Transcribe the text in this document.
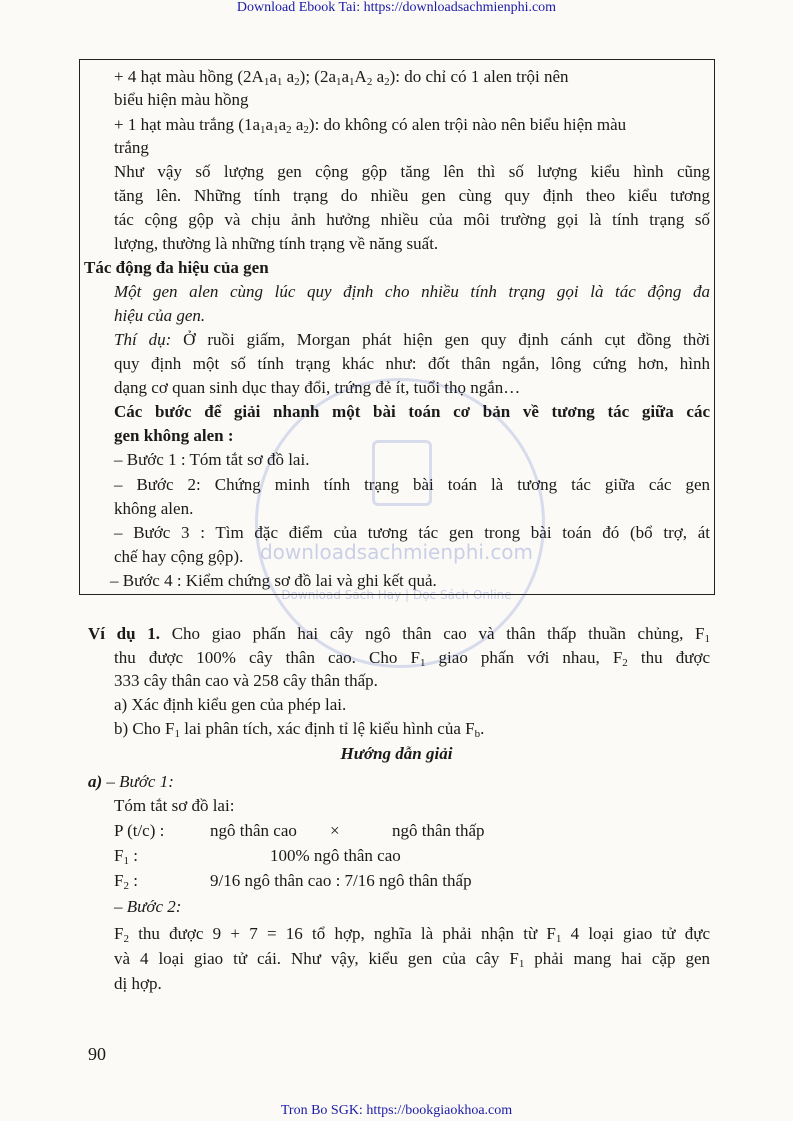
Download Ebook Tai: https://downloadsachmienphi.com
downloadsachmienphi.com
Download Sách Hay | Đọc Sách Online
+ 4 hạt màu hồng ($2A_1a_1$ $a_2$); ($2a_1a_1A_2$ $a_2$): do chỉ có 1 alen trội nên
biểu hiện màu hồng
+ 1 hạt màu trắng ($1a_1a_1a_2$ $a_2$): do không có alen trội nào nên biểu hiện màu
trắng
Như vậy số lượng gen cộng gộp tăng lên thì số lượng kiểu hình cũng
tăng lên. Những tính trạng do nhiều gen cùng quy định theo kiểu tương
tác cộng gộp và chịu ảnh hưởng nhiều của môi trường gọi là tính trạng số
lượng, thường là những tính trạng về năng suất.
Tác động đa hiệu của gen
Một gen alen cùng lúc quy định cho nhiều tính trạng gọi là tác động đa
hiệu của gen.
Thí dụ: Ở ruồi giấm, Morgan phát hiện gen quy định cánh cụt đồng thời
quy định một số tính trạng khác như: đốt thân ngắn, lông cứng hơn, hình
dạng cơ quan sinh dục thay đổi, trứng đẻ ít, tuổi thọ ngắn…
Các bước để giải nhanh một bài toán cơ bản về tương tác giữa các
gen không alen :
– Bước 1 : Tóm tắt sơ đồ lai.
– Bước 2: Chứng minh tính trạng bài toán là tương tác giữa các gen
không alen.
– Bước 3 : Tìm đặc điểm của tương tác gen trong bài toán đó (bổ trợ, át
chế hay cộng gộp).
– Bước 4 : Kiểm chứng sơ đồ lai và ghi kết quả.
Ví dụ 1. Cho giao phấn hai cây ngô thân cao và thân thấp thuần chủng, $F_1$
thu được 100% cây thân cao. Cho $F_1$ giao phấn với nhau, $F_2$ thu được
333 cây thân cao và 258 cây thân thấp.
a) Xác định kiểu gen của phép lai.
b) Cho $F_1$ lai phân tích, xác định tỉ lệ kiểu hình của $F_b$.
Hướng dẫn giải
a) – Bước 1:
Tóm tắt sơ đồ lai:
P (t/c) :	ngô thân cao ×	ngô thân thấp
$F_1$ :	100% ngô thân cao
$F_2$ :	9/16 ngô thân cao : 7/16 ngô thân thấp
– Bước 2:
$F_2$ thu được 9 + 7 = 16 tổ hợp, nghĩa là phải nhận từ $F_1$ 4 loại giao tử đực
và 4 loại giao tử cái. Như vậy, kiểu gen của cây $F_1$ phải mang hai cặp gen
dị hợp.
90
Tron Bo SGK: https://bookgiaokhoa.com
